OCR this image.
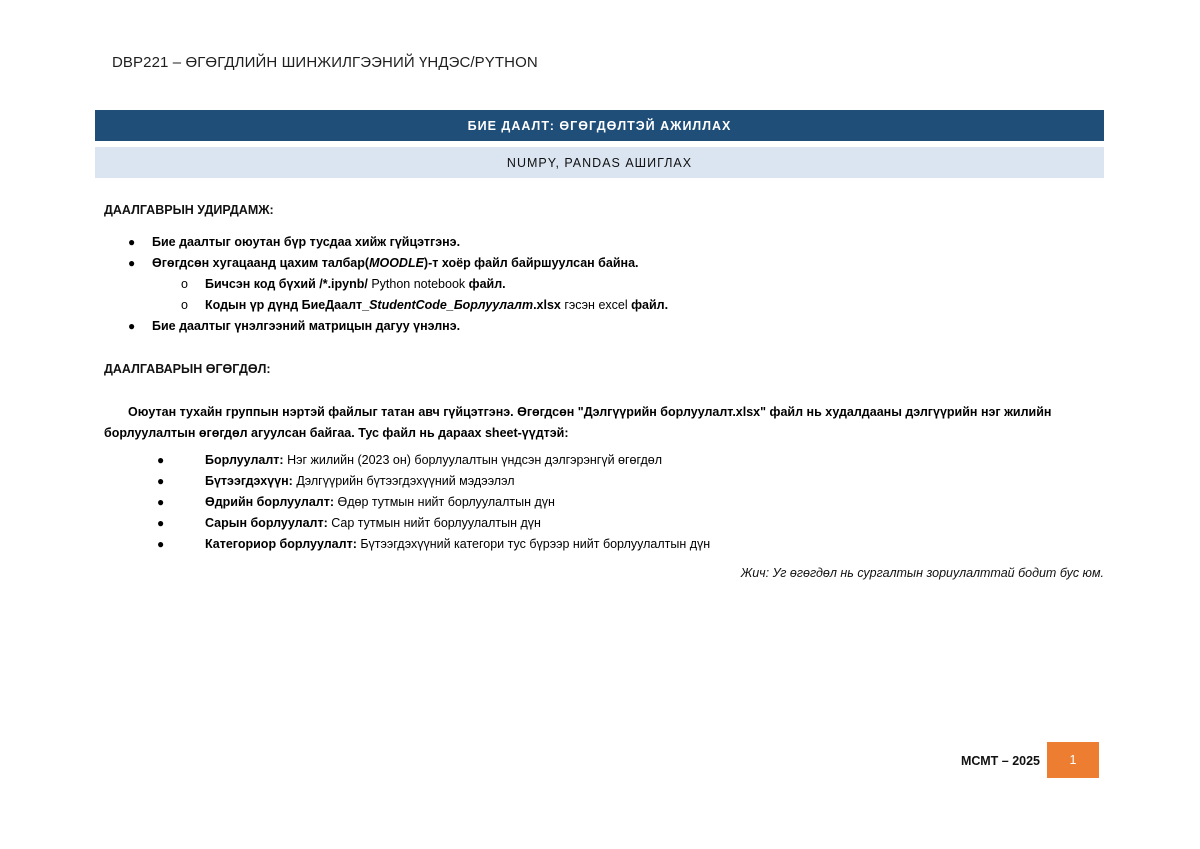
DBP221 – ӨГӨГДЛИЙН ШИНЖИЛГЭЭНИЙ ҮНДЭС/PYTHON
БИЕ ДААЛТ: ӨГӨГДӨЛТЭЙ АЖИЛЛАХ
NUMPY, PANDAS АШИГЛАХ
ДААЛГАВРЫН УДИРДАМЖ:
● Бие даалтыг оюутан бүр тусдаа хийж гүйцэтгэнэ.
● Өгөгдсөн хугацаанд цахим талбар(MOODLE)-т хоёр файл байршуулсан байна.
o Бичсэн код бүхий /*.ipynb/ Python notebook файл.
o Кодын үр дүнд БиеДаалт_StudentCode_Борлуулалт.xlsx гэсэн excel файл.
● Бие даалтыг үнэлгээний матрицын дагуу үнэлнэ.
ДААЛГАВАРЫН ӨГӨГДӨЛ:
Оюутан тухайн группын нэртэй файлыг татан авч гүйцэтгэнэ. Өгөгдсөн "Дэлгүүрийн борлуулалт.xlsx" файл нь худалдааны дэлгүүрийн нэг жилийн борлуулалтын өгөгдөл агуулсан байгаа. Тус файл нь дараах sheet-үүдтэй:
●	Борлуулалт: Нэг жилийн (2023 он) борлуулалтын үндсэн дэлгэрэнгүй өгөгдөл
●	Бүтээгдэхүүн: Дэлгүүрийн бүтээгдэхүүний мэдээлэл
●	Өдрийн борлуулалт: Өдөр тутмын нийт борлуулалтын дүн
●	Сарын борлуулалт: Сар тутмын нийт борлуулалтын дүн
●	Категориор борлуулалт: Бүтээгдэхүүний категори тус бүрээр нийт борлуулалтын дүн
Жич: Уг өгөгдөл нь сургалтын зориулалттай бодит бус юм.
МСМТ – 2025 1
